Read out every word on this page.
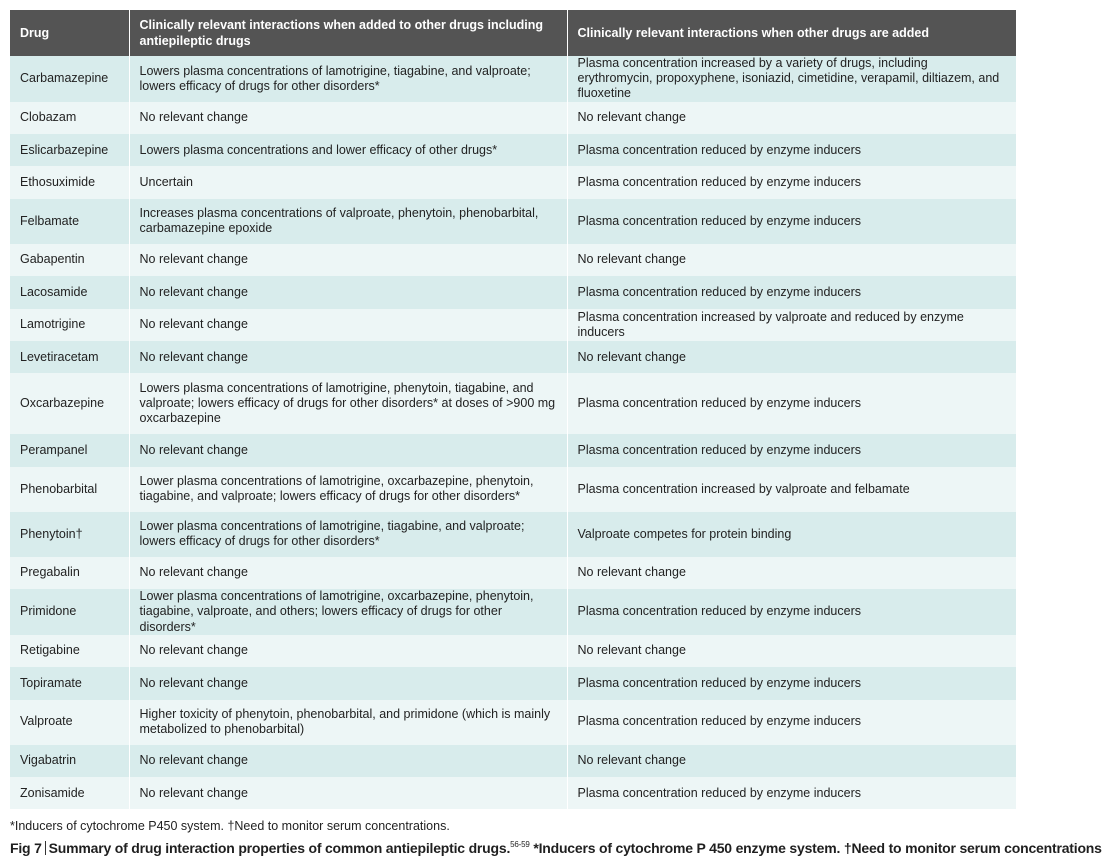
Drug	Clinically relevant interactions when added to other drugs including antiepileptic drugs	Clinically relevant interactions when other drugs are added
Carbamazepine	Lowers plasma concentrations of lamotrigine, tiagabine, and valproate; lowers efficacy of drugs for other disorders*	Plasma concentration increased by a variety of drugs, including erythromycin, propoxyphene, isoniazid, cimetidine, verapamil, diltiazem, and fluoxetine
Clobazam	No relevant change	No relevant change
Eslicarbazepine	Lowers plasma concentrations and lower efficacy of other drugs*	Plasma concentration reduced by enzyme inducers
Ethosuximide	Uncertain	Plasma concentration reduced by enzyme inducers
Felbamate	Increases plasma concentrations of valproate, phenytoin, phenobarbital, carbamazepine epoxide	Plasma concentration reduced by enzyme inducers
Gabapentin	No relevant change	No relevant change
Lacosamide	No relevant change	Plasma concentration reduced by enzyme inducers
Lamotrigine	No relevant change	Plasma concentration increased by valproate and reduced by enzyme inducers
Levetiracetam	No relevant change	No relevant change
Oxcarbazepine	Lowers plasma concentrations of lamotrigine, phenytoin, tiagabine, and valproate; lowers efficacy of drugs for other disorders* at doses of >900 mg oxcarbazepine	Plasma concentration reduced by enzyme inducers
Perampanel	No relevant change	Plasma concentration reduced by enzyme inducers
Phenobarbital	Lower plasma concentrations of lamotrigine, oxcarbazepine, phenytoin, tiagabine, and valproate; lowers efficacy of drugs for other disorders*	Plasma concentration increased by valproate and felbamate
Phenytoin†	Lower plasma concentrations of lamotrigine, tiagabine, and valproate; lowers efficacy of drugs for other disorders*	Valproate competes for protein binding
Pregabalin	No relevant change	No relevant change
Primidone	Lower plasma concentrations of lamotrigine, oxcarbazepine, phenytoin, tiagabine, valproate, and others; lowers efficacy of drugs for other disorders*	Plasma concentration reduced by enzyme inducers
Retigabine	No relevant change	No relevant change
Topiramate	No relevant change	Plasma concentration reduced by enzyme inducers
Valproate	Higher toxicity of phenytoin, phenobarbital, and primidone (which is mainly metabolized to phenobarbital)	Plasma concentration reduced by enzyme inducers
Vigabatrin	No relevant change	No relevant change
Zonisamide	No relevant change	Plasma concentration reduced by enzyme inducers
*Inducers of cytochrome P450 system. †Need to monitor serum concentrations.
Fig 7 Summary of drug interaction properties of common antiepileptic drugs.$^{56-59}$ *Inducers of cytochrome P 450 enzyme system. †Need to monitor serum concentrations
